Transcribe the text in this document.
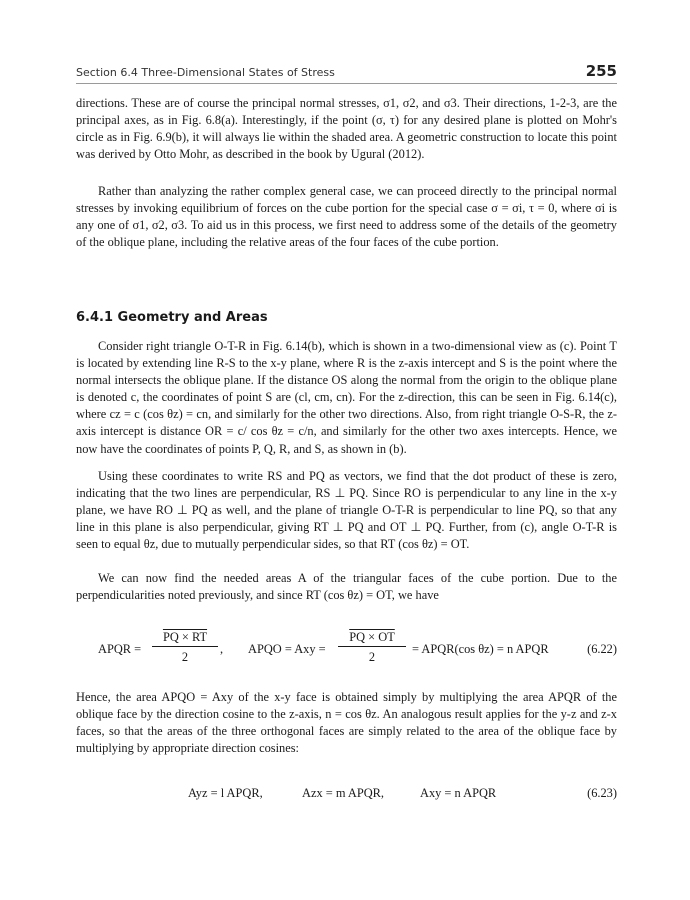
Section 6.4 Three-Dimensional States of Stress	255

directions. These are of course the principal normal stresses, σ1, σ2, and σ3. Their directions, 1-2-3, are the principal axes, as in Fig. 6.8(a). Interestingly, if the point (σ, τ) for any desired plane is plotted on Mohr's circle as in Fig. 6.9(b), it will always lie within the shaded area. A geometric construction to locate this point was derived by Otto Mohr, as described in the book by Ugural (2012).

Rather than analyzing the rather complex general case, we can proceed directly to the principal normal stresses by invoking equilibrium of forces on the cube portion for the special case σ = σi, τ = 0, where σi is any one of σ1, σ2, σ3. To aid us in this process, we first need to address some of the details of the geometry of the oblique plane, including the relative areas of the four faces of the cube portion.

6.4.1 Geometry and Areas

Consider right triangle O-T-R in Fig. 6.14(b), which is shown in a two-dimensional view as (c). Point T is located by extending line R-S to the x-y plane, where R is the z-axis intercept and S is the point where the normal intersects the oblique plane. If the distance OS along the normal from the origin to the oblique plane is denoted c, the coordinates of point S are (cl, cm, cn). For the z-direction, this can be seen in Fig. 6.14(c), where cz = c (cos θz) = cn, and similarly for the other two directions. Also, from right triangle O-S-R, the z-axis intercept is distance OR = c/ cos θz = c/n, and similarly for the other two axes intercepts. Hence, we now have the coordinates of points P, Q, R, and S, as shown in (b).

Using these coordinates to write RS and PQ as vectors, we find that the dot product of these is zero, indicating that the two lines are perpendicular, RS ⊥ PQ. Since RO is perpendicular to any line in the x-y plane, we have RO ⊥ PQ as well, and the plane of triangle O-T-R is perpendicular to line PQ, so that any line in this plane is also perpendicular, giving RT ⊥ PQ and OT ⊥ PQ. Further, from (c), angle O-T-R is seen to equal θz, due to mutually perpendicular sides, so that RT (cos θz) = OT.

We can now find the needed areas A of the triangular faces of the cube portion. Due to the perpendicularities noted previously, and since RT (cos θz) = OT, we have

APQR = $\frac{PQ \times RT}{2}$ , APQO = Axy = $\frac{PQ \times OT}{2}$ = APQR(cos θz) = n APQR	(6.22)

Hence, the area APQO = Axy of the x-y face is obtained simply by multiplying the area APQR of the oblique face by the direction cosine to the z-axis, n = cos θz. An analogous result applies for the y-z and z-x faces, so that the areas of the three orthogonal faces are simply related to the area of the oblique face by multiplying by appropriate direction cosines:

Ayz = l APQR,	Azx = m APQR,	Axy = n APQR	(6.23)
